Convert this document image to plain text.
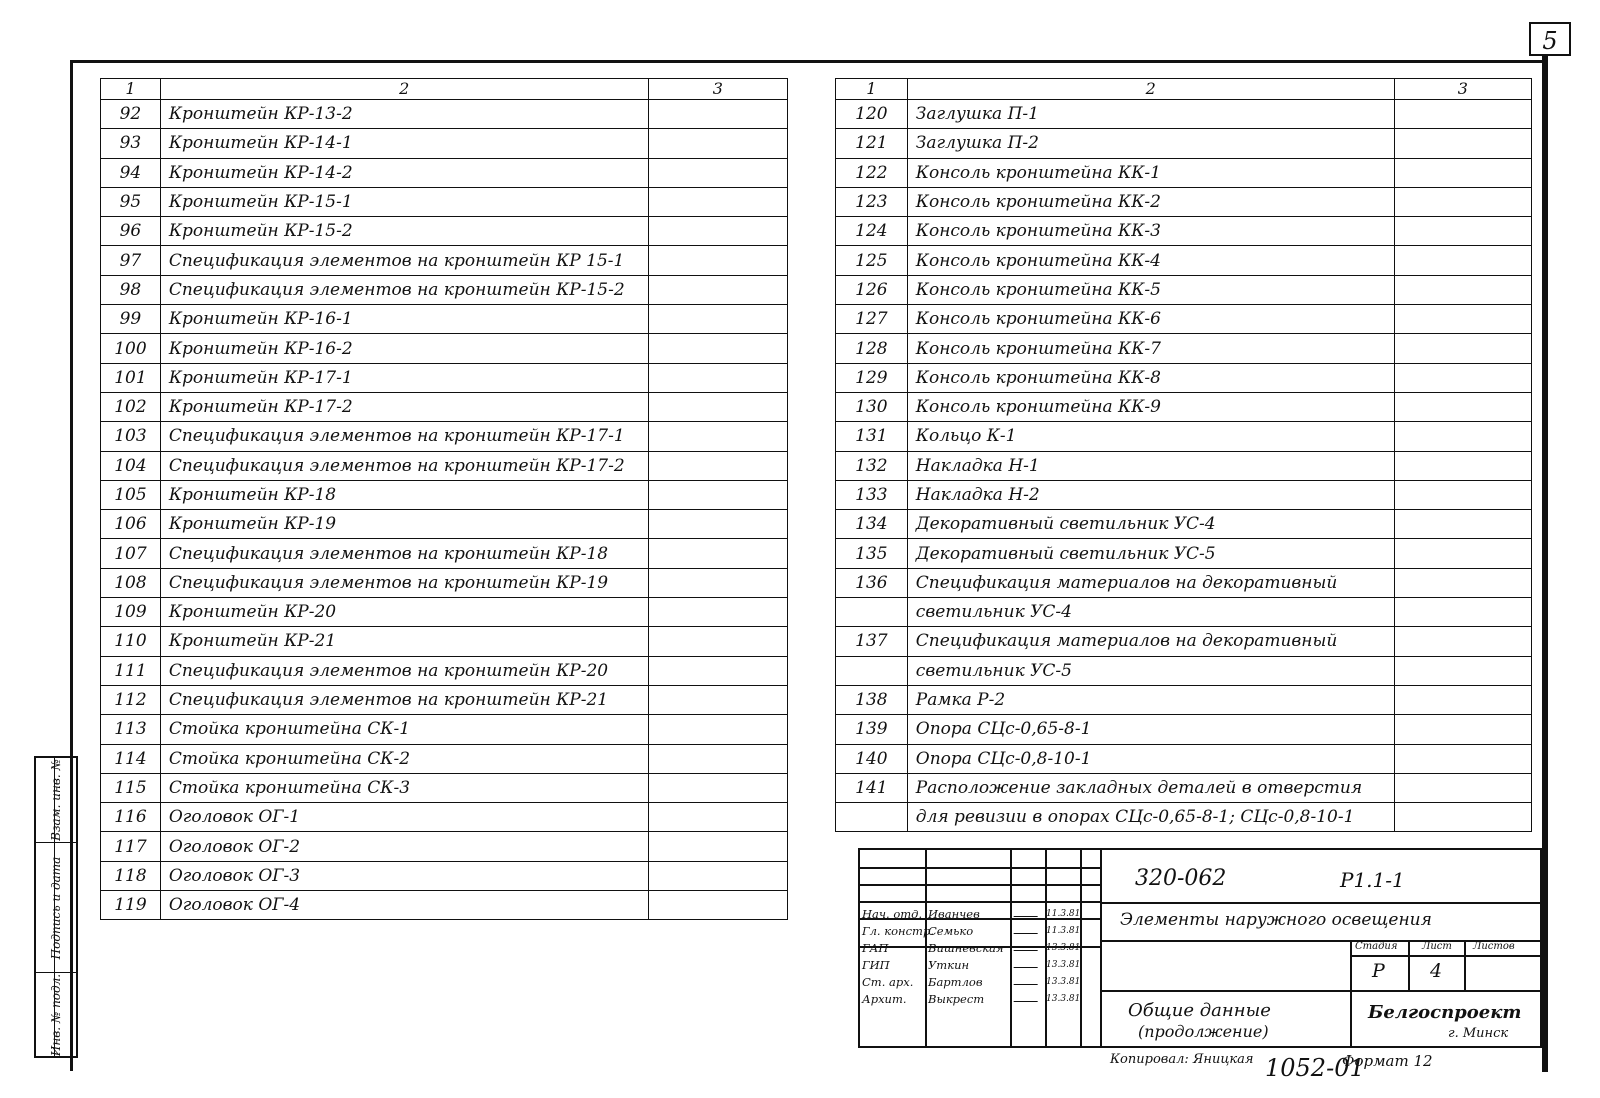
5
1	2	3
92	Кронштейн КР-13-2	
93	Кронштейн КР-14-1	
94	Кронштейн КР-14-2	
95	Кронштейн КР-15-1	
96	Кронштейн КР-15-2	
97	Спецификация элементов на кронштейн КР 15-1	
98	Спецификация элементов на кронштейн КР-15-2	
99	Кронштейн КР-16-1	
100	Кронштейн КР-16-2	
101	Кронштейн КР-17-1	
102	Кронштейн КР-17-2	
103	Спецификация элементов на кронштейн КР-17-1	
104	Спецификация элементов на кронштейн КР-17-2	
105	Кронштейн КР-18	
106	Кронштейн КР-19	
107	Спецификация элементов на кронштейн КР-18	
108	Спецификация элементов на кронштейн КР-19	
109	Кронштейн КР-20	
110	Кронштейн КР-21	
111	Спецификация элементов на кронштейн КР-20	
112	Спецификация элементов на кронштейн КР-21	
113	Стойка кронштейна СК-1	
114	Стойка кронштейна СК-2	
115	Стойка кронштейна СК-3	
116	Оголовок ОГ-1	
117	Оголовок ОГ-2	
118	Оголовок ОГ-3	
119	Оголовок ОГ-4	
1	2	3
120	Заглушка П-1	
121	Заглушка П-2	
122	Консоль кронштейна КК-1	
123	Консоль кронштейна КК-2	
124	Консоль кронштейна КК-3	
125	Консоль кронштейна КК-4	
126	Консоль кронштейна КК-5	
127	Консоль кронштейна КК-6	
128	Консоль кронштейна КК-7	
129	Консоль кронштейна КК-8	
130	Консоль кронштейна КК-9	
131	Кольцо К-1	
132	Накладка Н-1	
133	Накладка Н-2	
134	Декоративный светильник УС-4	
135	Декоративный светильник УС-5	
136	Спецификация материалов на декоративный	
	светильник УС-4	
137	Спецификация материалов на декоративный	
	светильник УС-5	
138	Рамка Р-2	
139	Опора СЦс-0,65-8-1	
140	Опора СЦс-0,8-10-1	
141	Расположение закладных деталей в отверстия	
	для ревизии в опорах СЦс-0,65-8-1; СЦс-0,8-10-1	
Взам. инв. №
Подпись и дата
Инв. № подл.
320-062	Р1.1-1
Элементы наружного освещения
Стадия Лист Листов
Р 4
Общие данные
(продолжение)
Белгоспроект
г. Минск
Нач. отд. Иванчев	11.3.81
Гл. констр.
Семько	11.3.81
ГАП	Вишневская	13.3.81
ГИП	Уткин	13.3.81
Ст. арх. Бартлов	13.3.81
Архит. Выкрест	13.3.81
Копировал: Яницкая 1052-01
Формат 12
